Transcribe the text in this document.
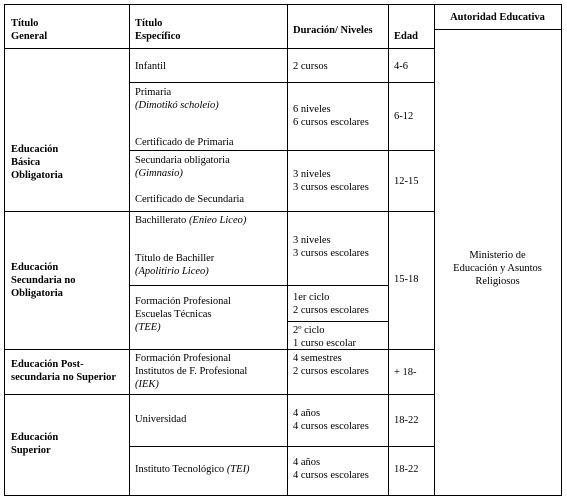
Título
General
Título
Específico
Duración/ Niveles
Edad
Autoridad Educativa
Educación
Básica
Obligatoria
Educación
Secundaria no
Obligatoria
Educación Post-
secundaria no Superior
Educación
Superior
Infantil	2 cursos	4-6
Primaria
(Dimotikó scholeío)
Certificado de Primaria
6 niveles
6 cursos escolares
6-12
Secundaria obligatoria
(Gimnasio)
Certificado de Secundaria
3 niveles
3 cursos escolares
12-15
Bachillerato (Enieo Liceo)
Título de Bachiller
(Apolitirio Liceo)
3 niveles
3 cursos escolares
15-18
Formación Profesional
Escuelas Técnicas
(TEE)
1er ciclo
2 cursos escolares
2º ciclo
1 curso escolar
Formación Profesional
Institutos de F. Profesional
(IEK)
4 semestres
2 cursos escolares + 18-
Universidad
4 años
4 cursos escolares
18-22
Instituto Tecnológico (TEI)
4 años
4 cursos escolares
18-22
Ministerio de
Educación y Asuntos
Religiosos
